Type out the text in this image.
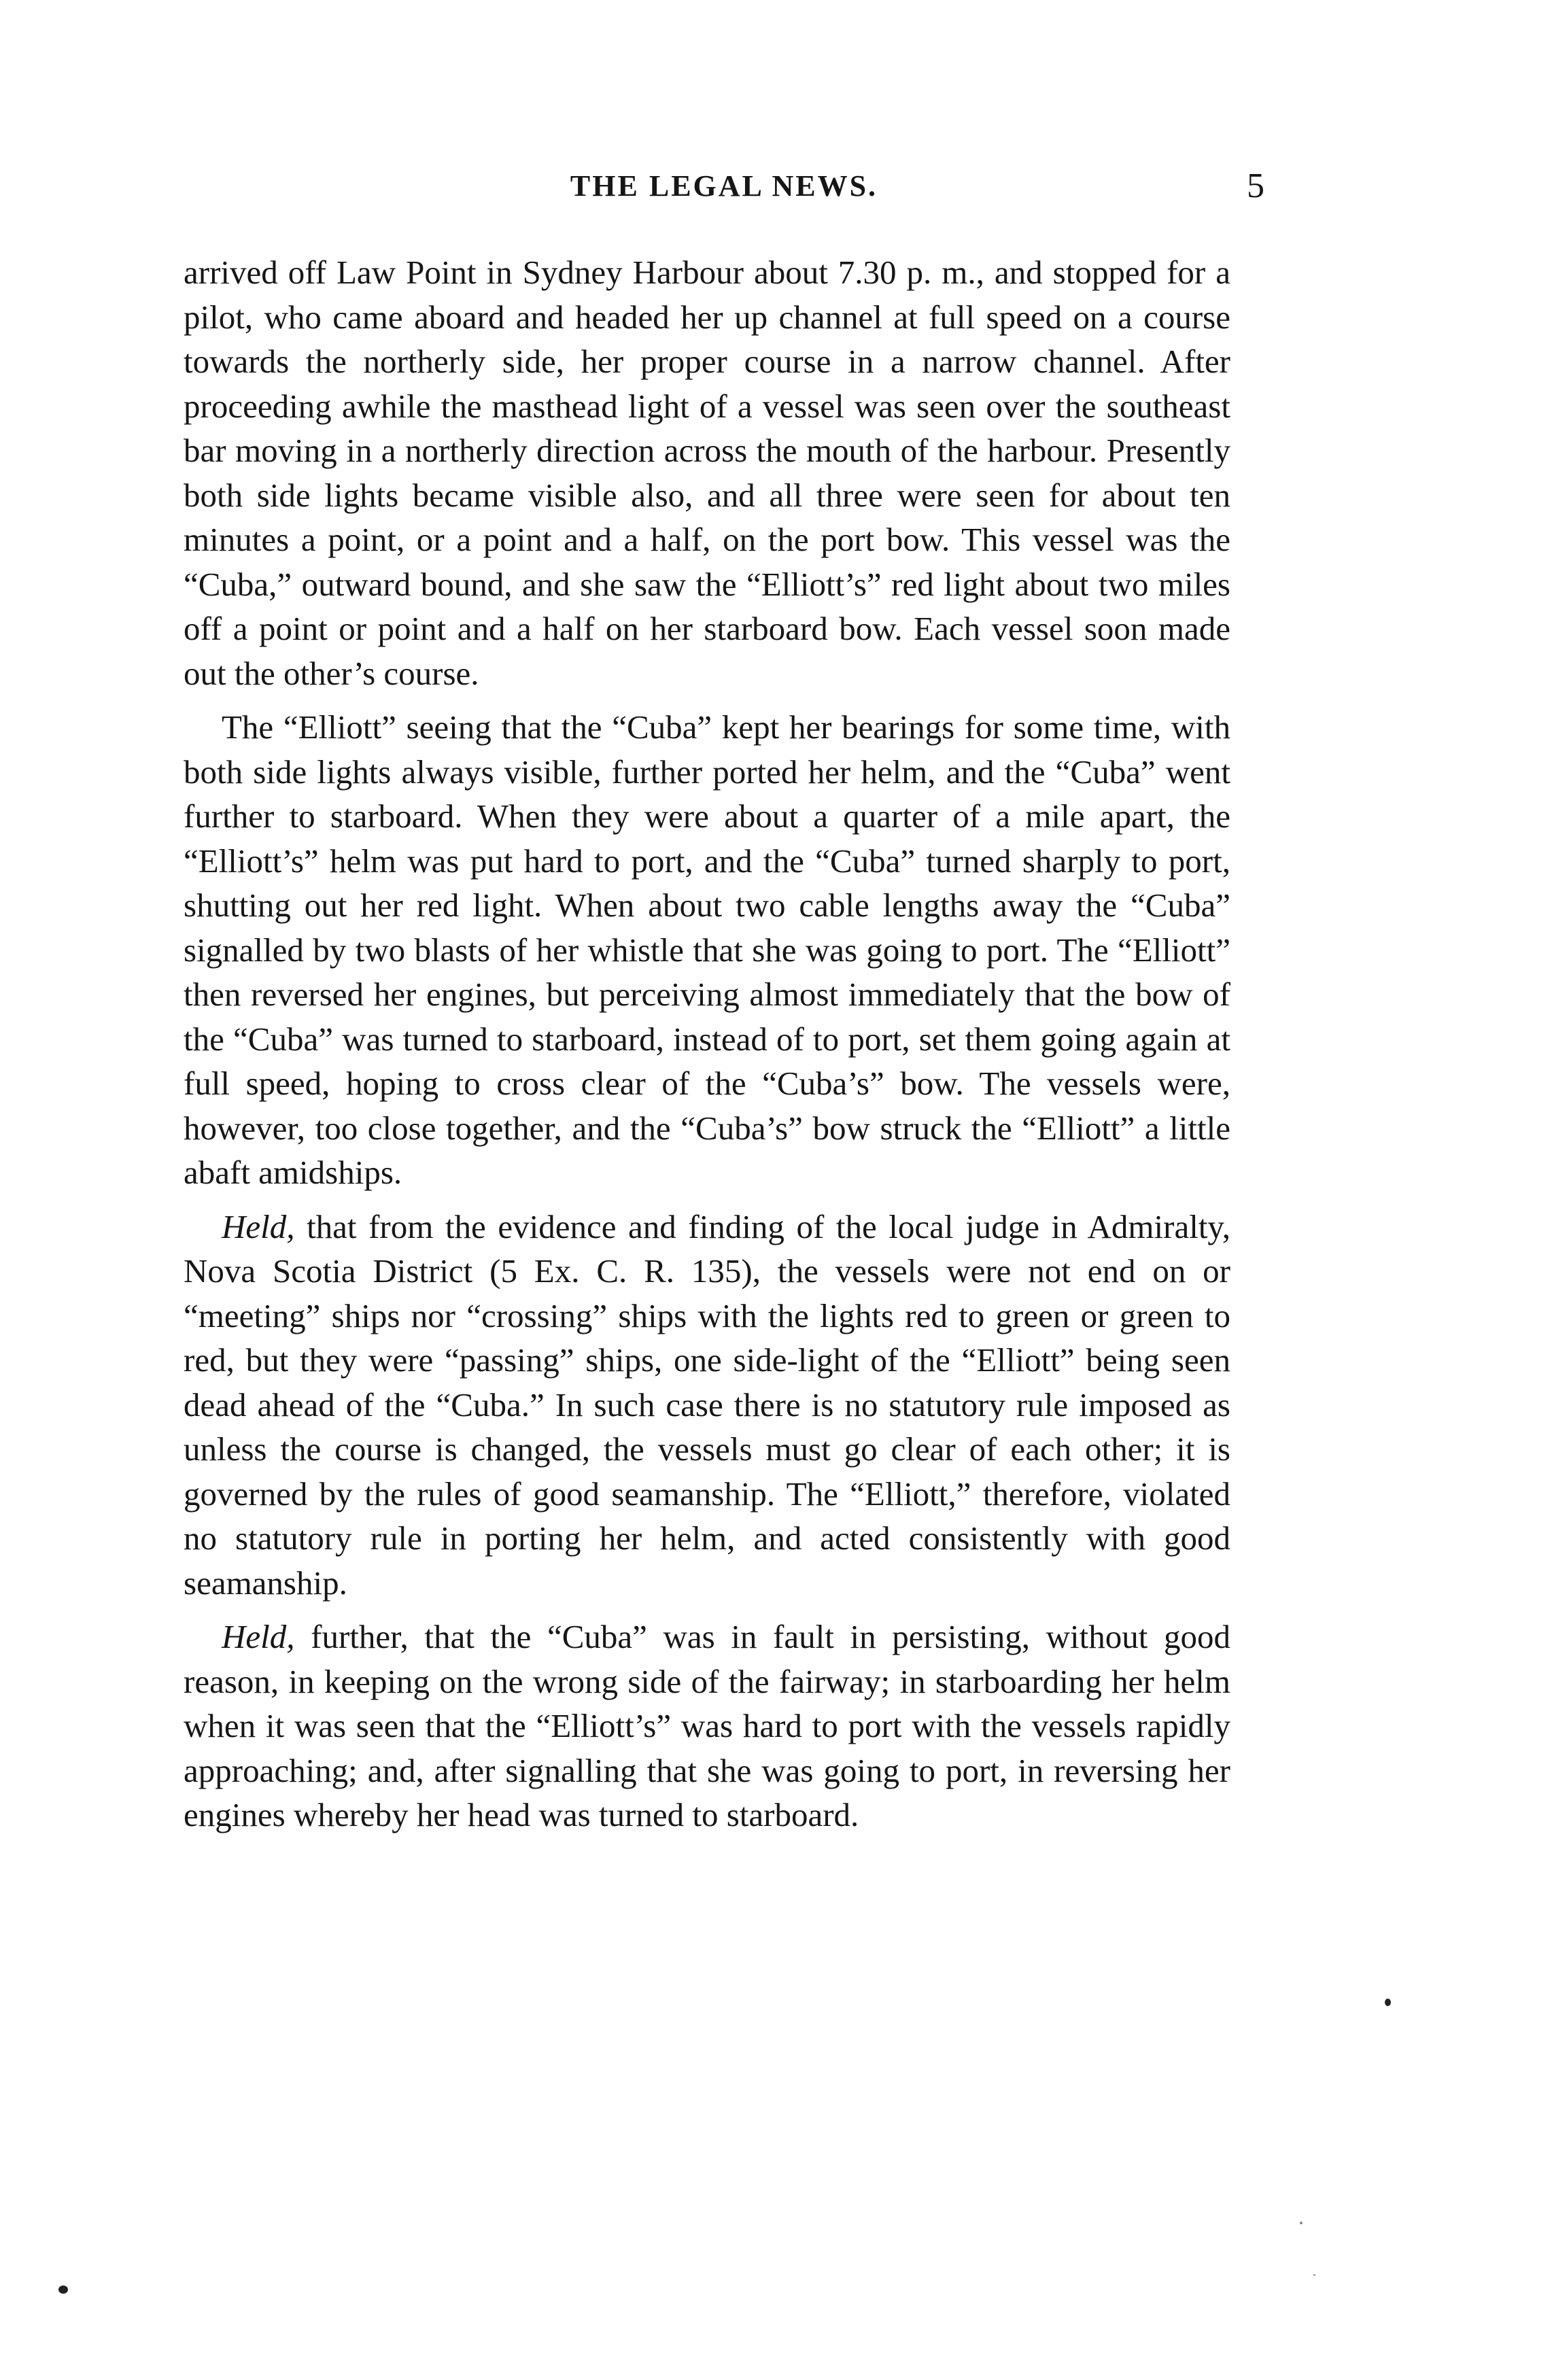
THE LEGAL NEWS.	5

arrived off Law Point in Sydney Harbour about 7.30 p. m., and stopped for a pilot, who came aboard and headed her up channel at full speed on a course towards the northerly side, her proper course in a narrow channel. After proceeding awhile the masthead light of a vessel was seen over the southeast bar moving in a northerly direction across the mouth of the harbour. Presently both side lights became visible also, and all three were seen for about ten minutes a point, or a point and a half, on the port bow. This vessel was the “Cuba,” outward bound, and she saw the “Elliott’s” red light about two miles off a point or point and a half on her starboard bow. Each vessel soon made out the other’s course.

The “Elliott” seeing that the “Cuba” kept her bearings for some time, with both side lights always visible, further ported her helm, and the “Cuba” went further to starboard. When they were about a quarter of a mile apart, the “Elliott’s” helm was put hard to port, and the “Cuba” turned sharply to port, shutting out her red light. When about two cable lengths away the “Cuba” signalled by two blasts of her whistle that she was going to port. The “Elliott” then reversed her engines, but perceiving almost immediately that the bow of the “Cuba” was turned to starboard, instead of to port, set them going again at full speed, hoping to cross clear of the “Cuba’s” bow. The vessels were, however, too close together, and the “Cuba’s” bow struck the “Elliott” a little abaft amidships.

Held, that from the evidence and finding of the local judge in Admiralty, Nova Scotia District (5 Ex. C. R. 135), the vessels were not end on or “meeting” ships nor “crossing” ships with the lights red to green or green to red, but they were “passing” ships, one side-light of the “Elliott” being seen dead ahead of the “Cuba.” In such case there is no statutory rule imposed as unless the course is changed, the vessels must go clear of each other; it is governed by the rules of good seamanship. The “Elliott,” therefore, violated no statutory rule in porting her helm, and acted consistently with good seamanship.

Held, further, that the “Cuba” was in fault in persisting, without good reason, in keeping on the wrong side of the fairway; in starboarding her helm when it was seen that the “Elliott’s” was hard to port with the vessels rapidly approaching; and, after signalling that she was going to port, in reversing her engines whereby her head was turned to starboard.
